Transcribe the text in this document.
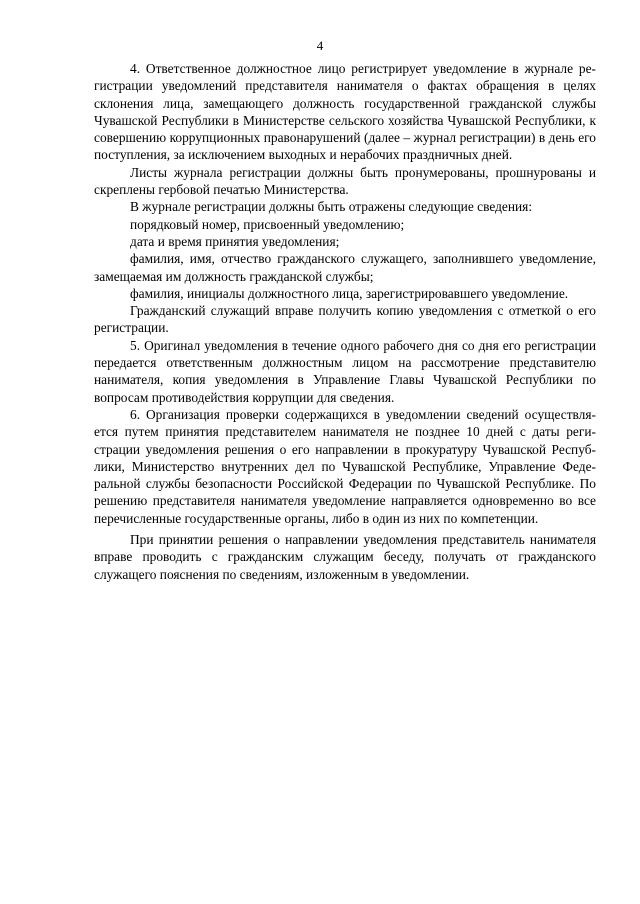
4

4. Ответственное должностное лицо регистрирует уведомление в журнале регистрации уведомлений представителя нанимателя о фактах обращения в целях склонения лица, замещающего должность государственной гражданской службы Чувашской Республики в Министерстве сельского хозяйства Чувашской Республики, к совершению коррупционных правонарушений (далее – журнал регистрации) в день его поступления, за исключением выходных и нерабочих праздничных дней.

Листы журнала регистрации должны быть пронумерованы, прошнурованы и скреплены гербовой печатью Министерства.

В журнале регистрации должны быть отражены следующие сведения:

порядковый номер, присвоенный уведомлению;

дата и время принятия уведомления;

фамилия, имя, отчество гражданского служащего, заполнившего уведомление, замещаемая им должность гражданской службы;

фамилия, инициалы должностного лица, зарегистрировавшего уведомление.

Гражданский служащий вправе получить копию уведомления с отметкой о его регистрации.

5. Оригинал уведомления в течение одного рабочего дня со дня его регистрации передается ответственным должностным лицом на рассмотрение представителю нанимателя, копия уведомления в Управление Главы Чувашской Республики по вопросам противодействия коррупции для сведения.

6. Организация проверки содержащихся в уведомлении сведений осуществляется путем принятия представителем нанимателя не позднее 10 дней с даты регистрации уведомления решения о его направлении в прокуратуру Чувашской Республики, Министерство внутренних дел по Чувашской Республике, Управление Федеральной службы безопасности Российской Федерации по Чувашской Республике. По решению представителя нанимателя уведомление направляется одновременно во все перечисленные государственные органы, либо в один из них по компетенции.

При принятии решения о направлении уведомления представитель нанимателя вправе проводить с гражданским служащим беседу, получать от гражданского служащего пояснения по сведениям, изложенным в уведомлении.
